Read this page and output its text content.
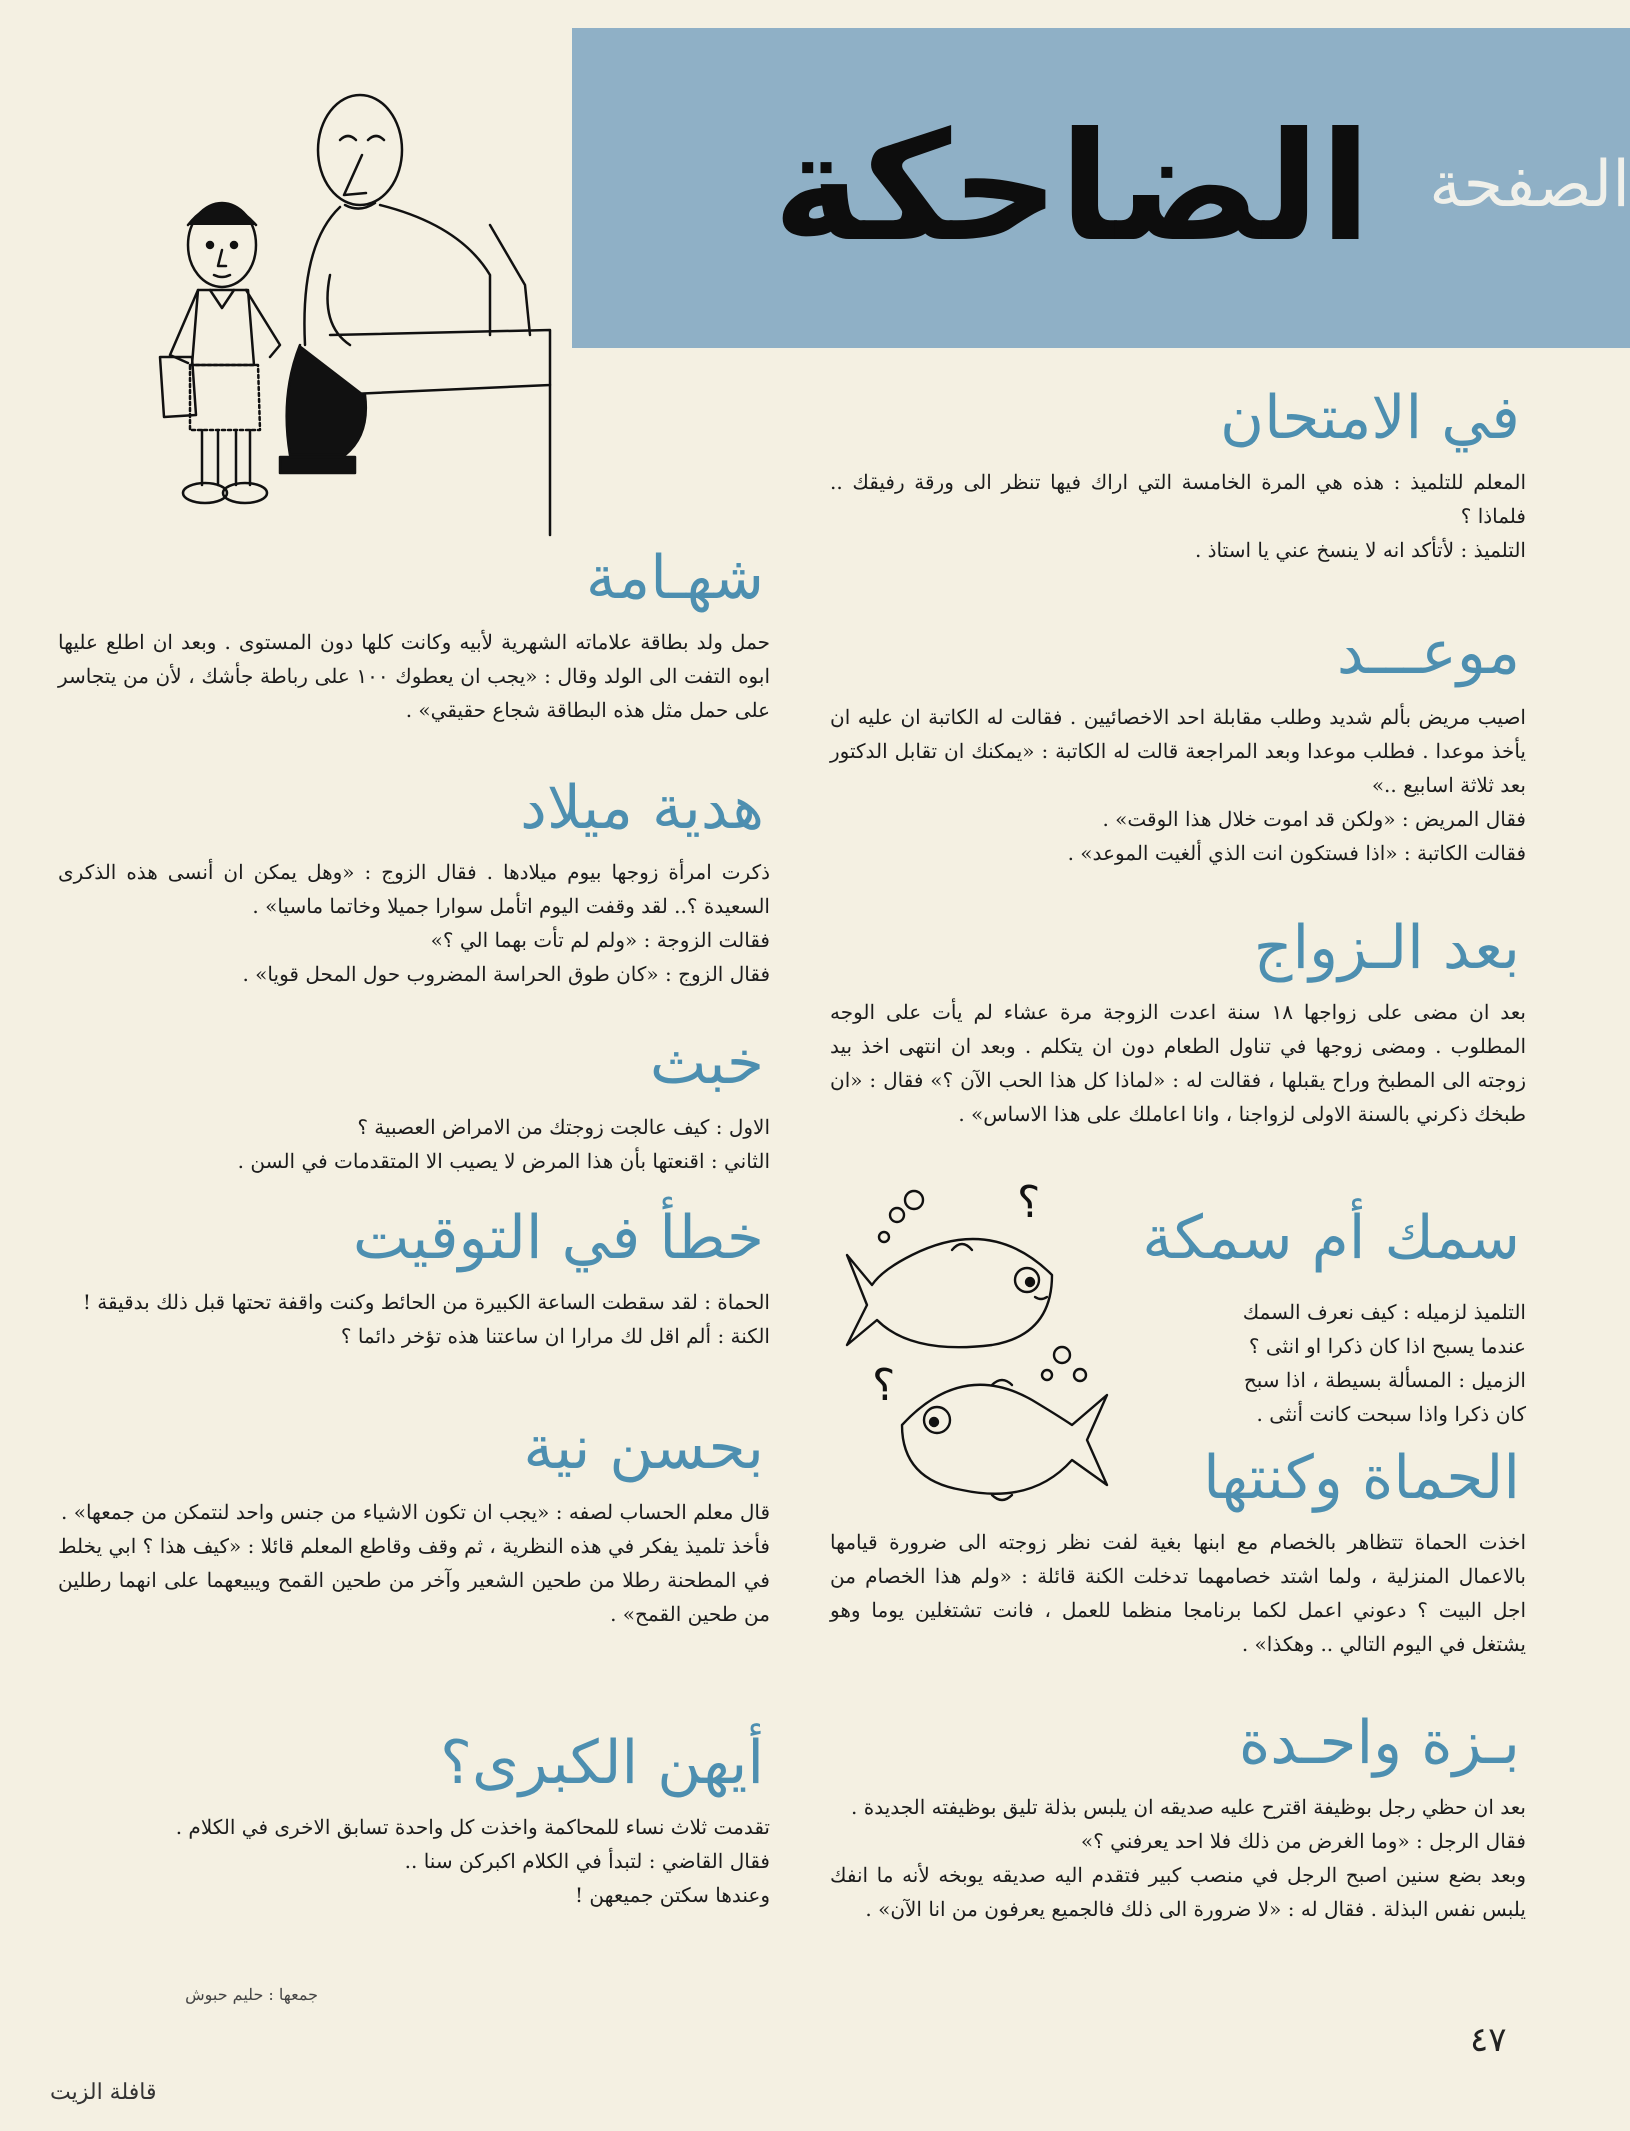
الصفحة
الضاحكة
في الامتحان

المعلم للتلميذ : هذه هي المرة الخامسة التي اراك فيها تنظر الى ورقة رفيقك .. فلماذا ؟

التلميذ : لأتأكد انه لا ينسخ عني يا استاذ .

موعـــد

اصيب مريض بألم شديد وطلب مقابلة احد الاخصائيين . فقالت له الكاتبة ان عليه ان يأخذ موعدا . فطلب موعدا وبعد المراجعة قالت له الكاتبة : «يمكنك ان تقابل الدكتور بعد ثلاثة اسابيع ..»

فقال المريض : «ولكن قد اموت خلال هذا الوقت» .

فقالت الكاتبة : «اذا فستكون انت الذي ألغيت الموعد» .

بعد الـزواج

بعد ان مضى على زواجها ١٨ سنة اعدت الزوجة مرة عشاء لم يأت على الوجه المطلوب . ومضى زوجها في تناول الطعام دون ان يتكلم . وبعد ان انتهى اخذ بيد زوجته الى المطبخ وراح يقبلها ، فقالت له : «لماذا كل هذا الحب الآن ؟» فقال : «ان طبخك ذكرني بالسنة الاولى لزواجنا ، وانا اعاملك على هذا الاساس» .

الحماة وكنتها

اخذت الحماة تتظاهر بالخصام مع ابنها بغية لفت نظر زوجته الى ضرورة قيامها بالاعمال المنزلية ، ولما اشتد خصامهما تدخلت الكنة قائلة : «ولم هذا الخصام من اجل البيت ؟ دعوني اعمل لكما برنامجا منظما للعمل ، فانت تشتغلين يوما وهو يشتغل في اليوم التالي .. وهكذا» .

بـزة واحـدة

بعد ان حظي رجل بوظيفة اقترح عليه صديقه ان يلبس بذلة تليق بوظيفته الجديدة .

فقال الرجل : «وما الغرض من ذلك فلا احد يعرفني ؟»

وبعد بضع سنين اصبح الرجل في منصب كبير فتقدم اليه صديقه يوبخه لأنه ما انفك يلبس نفس البذلة . فقال له : «لا ضرورة الى ذلك فالجميع يعرفون من انا الآن» .

سمك أم سمكة

التلميذ لزميله : كيف نعرف السمك

عندما يسبح اذا كان ذكرا او انثى ؟

الزميل : المسألة بسيطة ، اذا سبح

كان ذكرا واذا سبحت كانت أنثى .

؟
؟
شهـامة

حمل ولد بطاقة علاماته الشهرية لأبيه وكانت كلها دون المستوى . وبعد ان اطلع عليها ابوه التفت الى الولد وقال : «يجب ان يعطوك ١٠٠ على رباطة جأشك ، لأن من يتجاسر على حمل مثل هذه البطاقة شجاع حقيقي» .

هدية ميلاد

ذكرت امرأة زوجها بيوم ميلادها . فقال الزوج : «وهل يمكن ان أنسى هذه الذكرى السعيدة ؟.. لقد وقفت اليوم اتأمل سوارا جميلا وخاتما ماسيا» .

فقالت الزوجة : «ولم لم تأت بهما الي ؟»

فقال الزوج : «كان طوق الحراسة المضروب حول المحل قويا» .

خبث

الاول : كيف عالجت زوجتك من الامراض العصبية ؟

الثاني : اقنعتها بأن هذا المرض لا يصيب الا المتقدمات في السن .

خطأ في التوقيت

الحماة : لقد سقطت الساعة الكبيرة من الحائط وكنت واقفة تحتها قبل ذلك بدقيقة !

الكنة : ألم اقل لك مرارا ان ساعتنا هذه تؤخر دائما ؟

بحسن نية

قال معلم الحساب لصفه : «يجب ان تكون الاشياء من جنس واحد لنتمكن من جمعها» .

فأخذ تلميذ يفكر في هذه النظرية ، ثم وقف وقاطع المعلم قائلا : «كيف هذا ؟ ابي يخلط في المطحنة رطلا من طحين الشعير وآخر من طحين القمح ويبيعهما على انهما رطلين من طحين القمح» .

أيهن الكبرى؟

تقدمت ثلاث نساء للمحاكمة واخذت كل واحدة تسابق الاخرى في الكلام .

فقال القاضي : لتبدأ في الكلام اكبركن سنا ..

وعندها سكتن جميعهن !

جمعها : حليم حبوش
٤٧
قافلة الزيت
